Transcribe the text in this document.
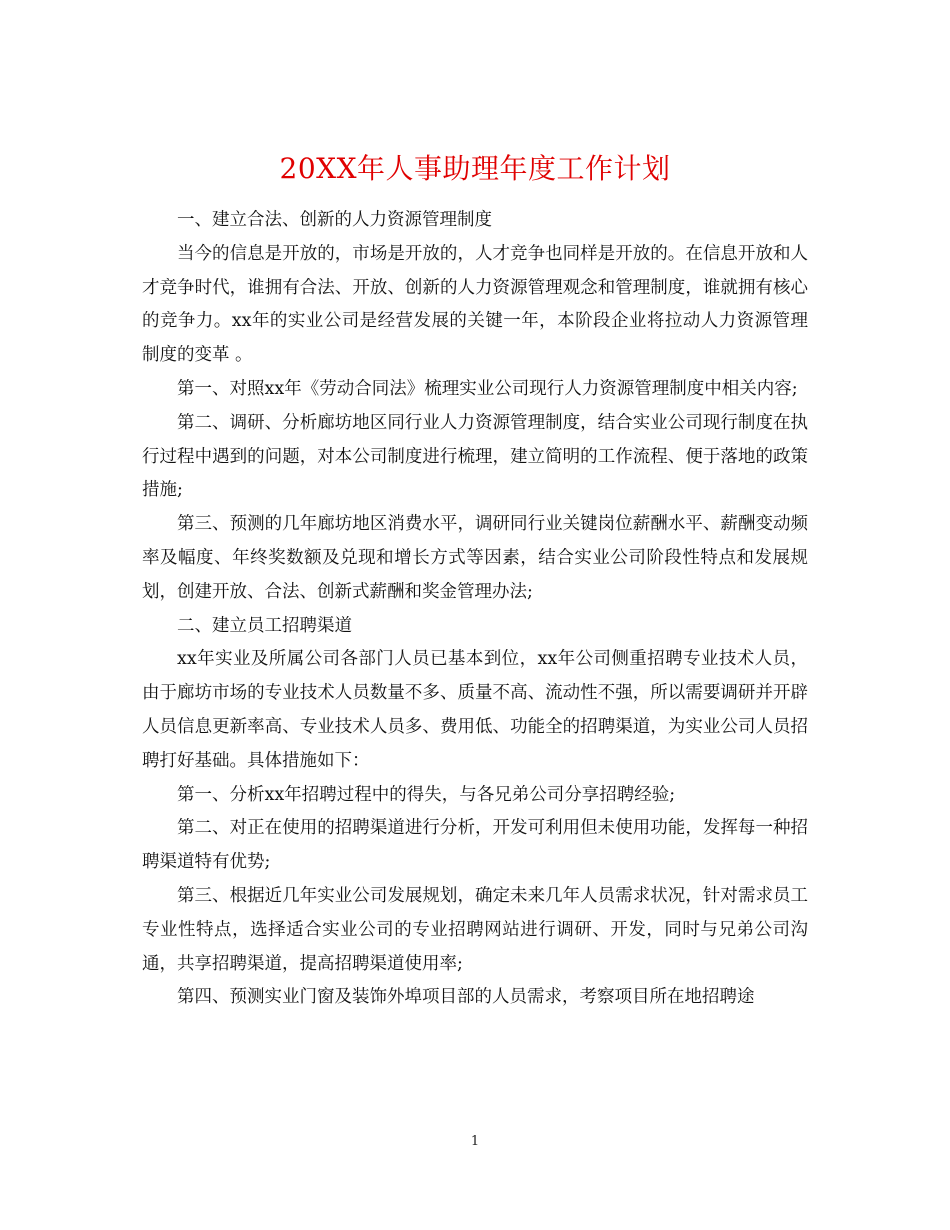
20XX年人事助理年度工作计划

一、建立合法、创新的人力资源管理制度

当今的信息是开放的，市场是开放的，人才竞争也同样是开放的。在信息开放和人才竞争时代，谁拥有合法、开放、创新的人力资源管理观念和管理制度，谁就拥有核心的竞争力。xx年的实业公司是经营发展的关键一年，本阶段企业将拉动人力资源管理制度的变革 。

第一、对照xx年《劳动合同法》梳理实业公司现行人力资源管理制度中相关内容;

第二、调研、分析廊坊地区同行业人力资源管理制度，结合实业公司现行制度在执行过程中遇到的问题，对本公司制度进行梳理，建立简明的工作流程、便于落地的政策措施;

第三、预测的几年廊坊地区消费水平，调研同行业关键岗位薪酬水平、薪酬变动频率及幅度、年终奖数额及兑现和增长方式等因素，结合实业公司阶段性特点和发展规划，创建开放、合法、创新式薪酬和奖金管理办法;

二、建立员工招聘渠道

xx年实业及所属公司各部门人员已基本到位，xx年公司侧重招聘专业技术人员，由于廊坊市场的专业技术人员数量不多、质量不高、流动性不强，所以需要调研并开辟人员信息更新率高、专业技术人员多、费用低、功能全的招聘渠道，为实业公司人员招聘打好基础。具体措施如下：

第一、分析xx年招聘过程中的得失，与各兄弟公司分享招聘经验;

第二、对正在使用的招聘渠道进行分析，开发可利用但未使用功能，发挥每一种招聘渠道特有优势;

第三、根据近几年实业公司发展规划，确定未来几年人员需求状况，针对需求员工专业性特点，选择适合实业公司的专业招聘网站进行调研、开发，同时与兄弟公司沟通，共享招聘渠道，提高招聘渠道使用率;

第四、预测实业门窗及装饰外埠项目部的人员需求，考察项目所在地招聘途

1
